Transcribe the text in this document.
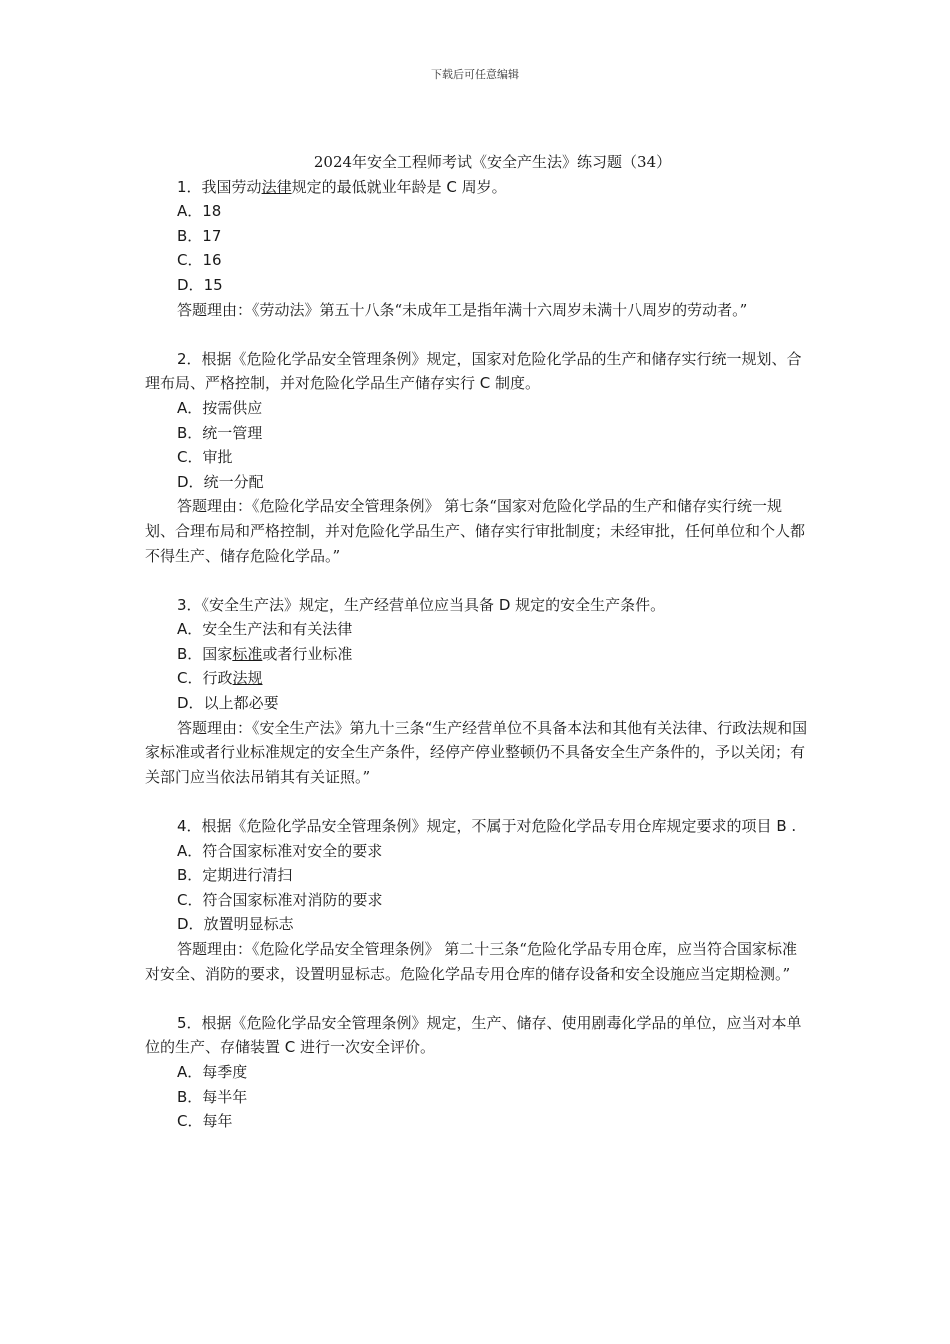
下载后可任意编辑

2024年安全工程师考试《安全产生法》练习题（34）

1．我国劳动法律规定的最低就业年龄是 C 周岁。

A．18

B．17

C．16

D．15

答题理由：《劳动法》第五十八条“未成年工是指年满十六周岁未满十八周岁的劳动者。”

2．根据《危险化学品安全管理条例》规定，国家对危险化学品的生产和储存实行统一规划、合理布局、严格控制，并对危险化学品生产储存实行 C 制度。

A．按需供应

B．统一管理

C．审批

D．统一分配

答题理由：《危险化学品安全管理条例》 第七条“国家对危险化学品的生产和储存实行统一规划、合理布局和严格控制，并对危险化学品生产、储存实行审批制度；未经审批，任何单位和个人都不得生产、储存危险化学品。”

3．《安全生产法》规定，生产经营单位应当具备 D 规定的安全生产条件。

A．安全生产法和有关法律

B．国家标准或者行业标准

C．行政法规

D．以上都必要

答题理由：《安全生产法》第九十三条“生产经营单位不具备本法和其他有关法律、行政法规和国家标准或者行业标准规定的安全生产条件，经停产停业整顿仍不具备安全生产条件的，予以关闭；有关部门应当依法吊销其有关证照。”

4．根据《危险化学品安全管理条例》规定，不属于对危险化学品专用仓库规定要求的项目 B .

A．符合国家标准对安全的要求

B．定期进行清扫

C．符合国家标准对消防的要求

D．放置明显标志

答题理由：《危险化学品安全管理条例》 第二十三条“危险化学品专用仓库，应当符合国家标准对安全、消防的要求，设置明显标志。危险化学品专用仓库的储存设备和安全设施应当定期检测。”

5．根据《危险化学品安全管理条例》规定，生产、储存、使用剧毒化学品的单位，应当对本单位的生产、存储装置 C 进行一次安全评价。

A．每季度

B．每半年

C．每年
